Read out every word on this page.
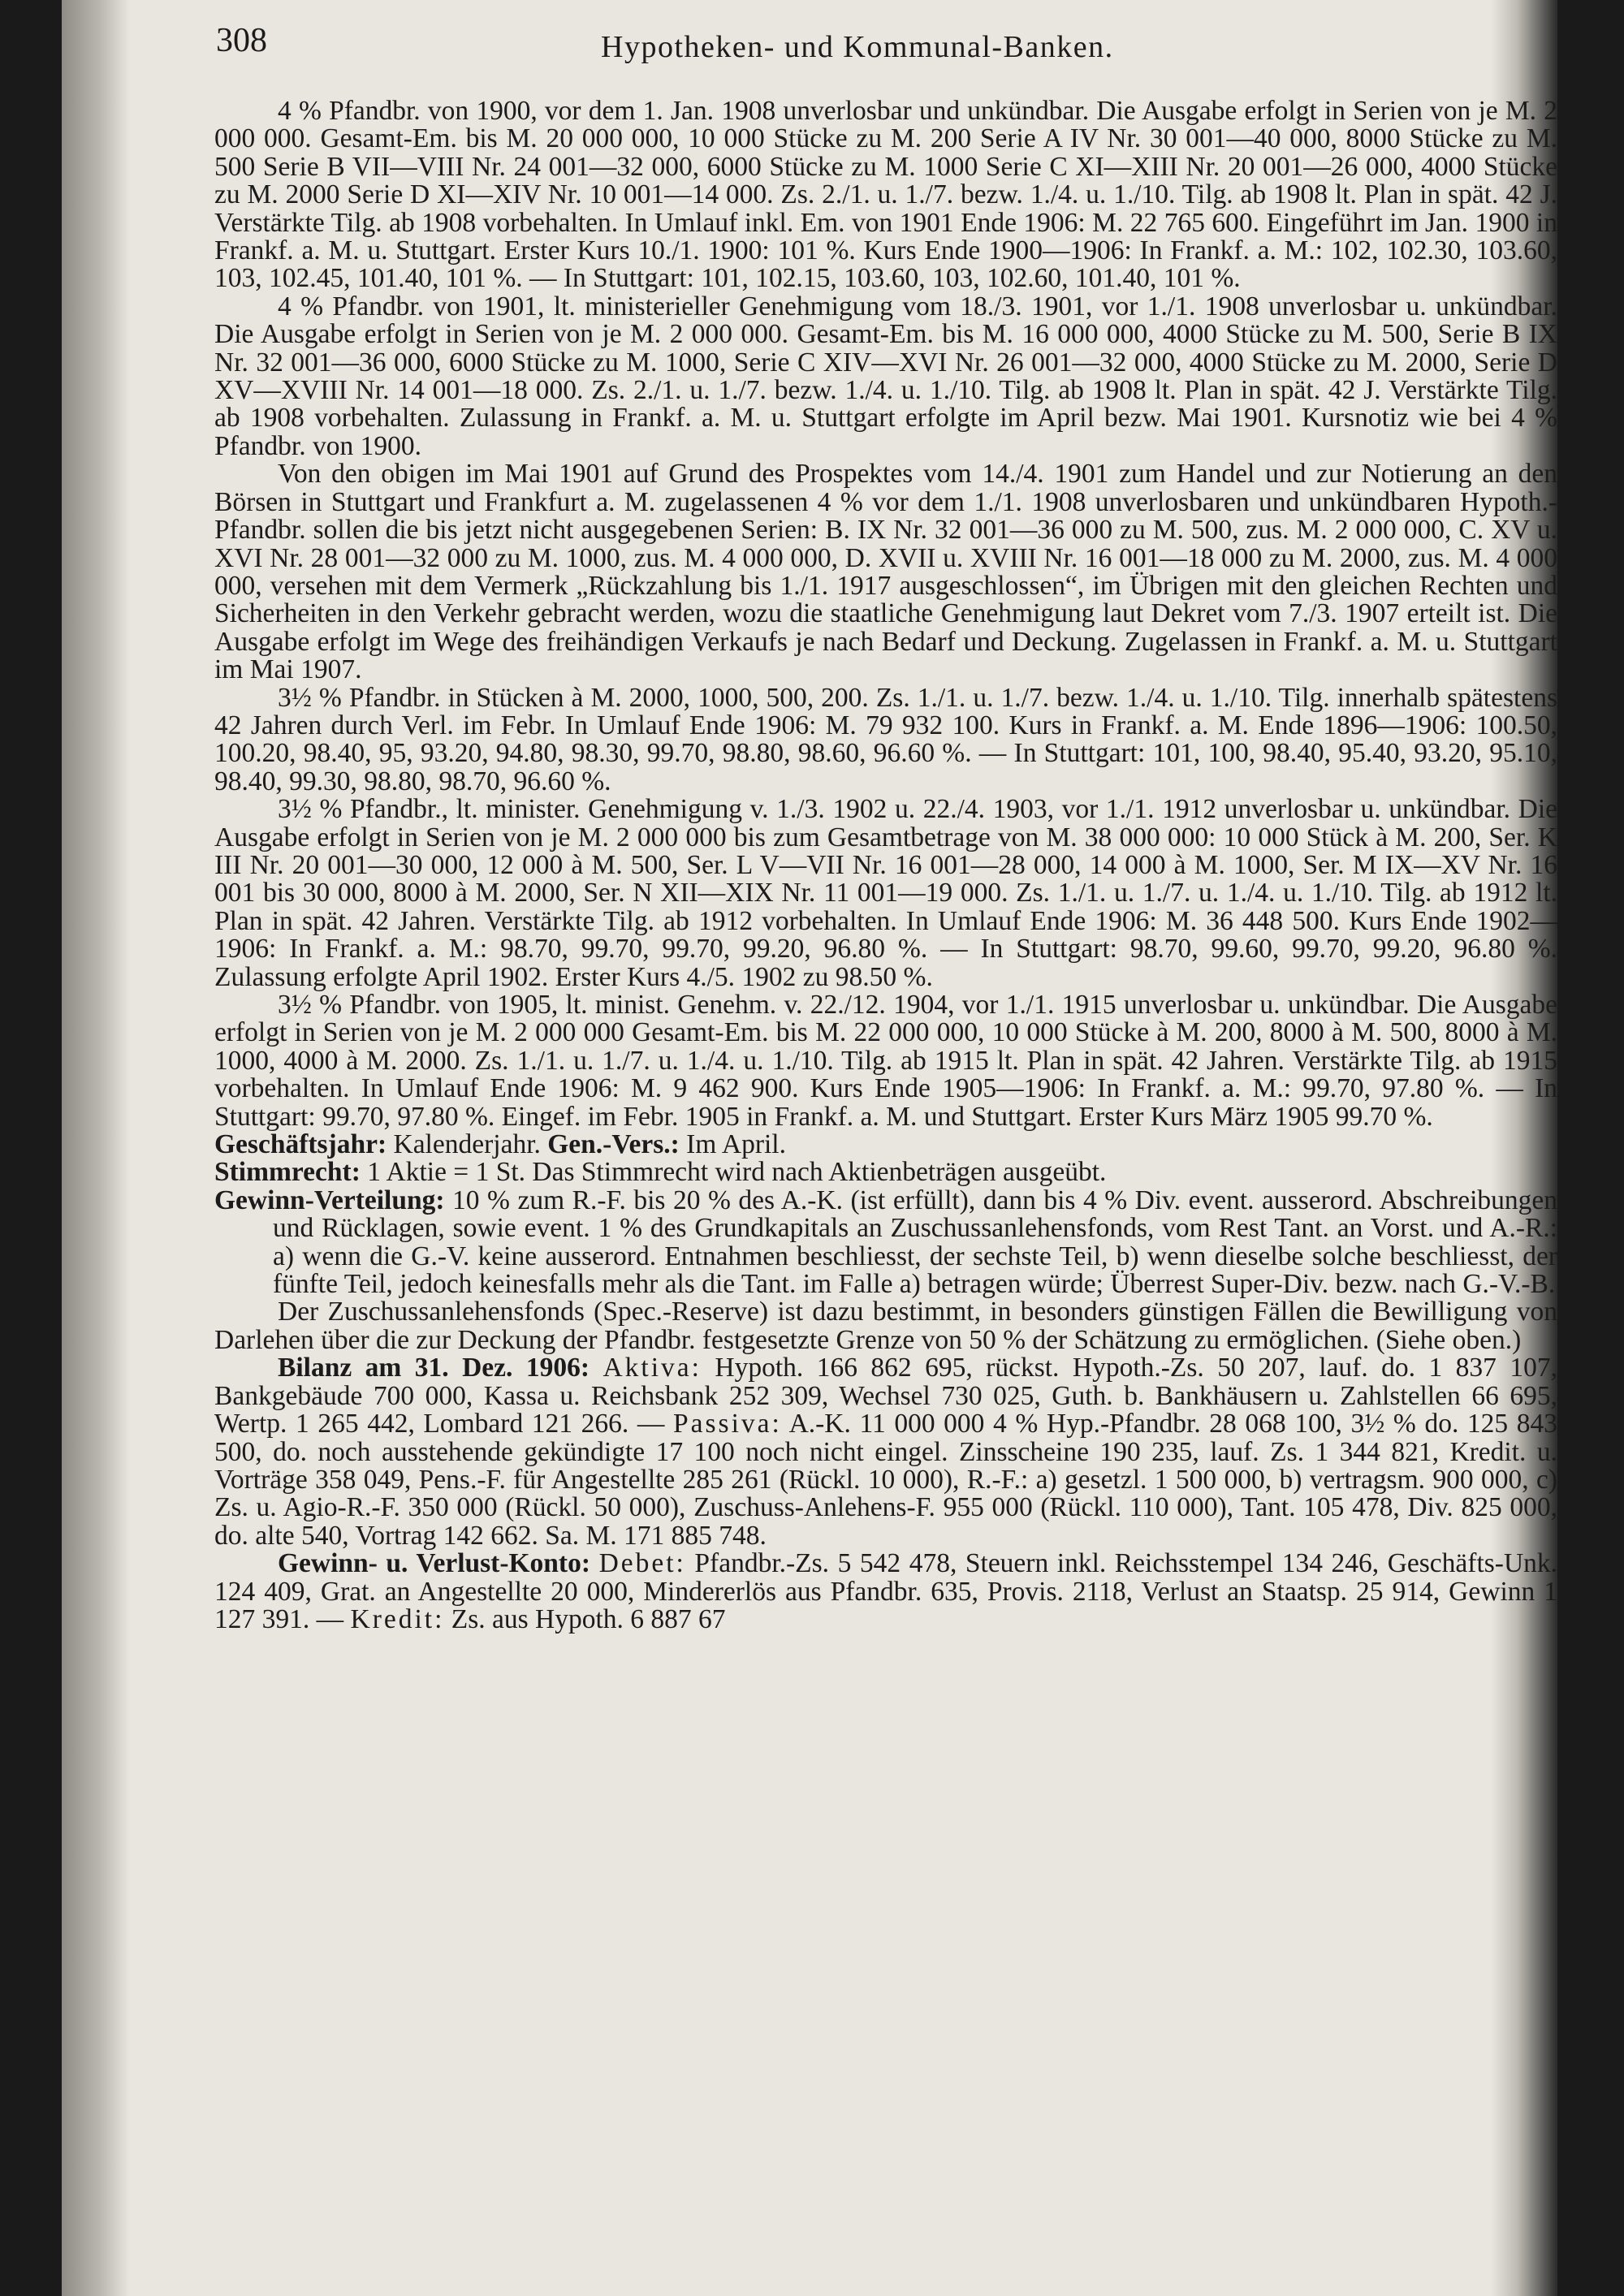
308	Hypotheken- und Kommunal-Banken.

4 % Pfandbr. von 1900, vor dem 1. Jan. 1908 unverlosbar und unkündbar. Die Ausgabe erfolgt in Serien von je M. 2 000 000. Gesamt-Em. bis M. 20 000 000, 10 000 Stücke zu M. 200 Serie A IV Nr. 30 001—40 000, 8000 Stücke zu M. 500 Serie B VII—VIII Nr. 24 001—32 000, 6000 Stücke zu M. 1000 Serie C XI—XIII Nr. 20 001—26 000, 4000 Stücke zu M. 2000 Serie D XI—XIV Nr. 10 001—14 000. Zs. 2./1. u. 1./7. bezw. 1./4. u. 1./10. Tilg. ab 1908 lt. Plan in spät. 42 J. Verstärkte Tilg. ab 1908 vorbehalten. In Umlauf inkl. Em. von 1901 Ende 1906: M. 22 765 600. Eingeführt im Jan. 1900 in Frankf. a. M. u. Stuttgart. Erster Kurs 10./1. 1900: 101 %. Kurs Ende 1900—1906: In Frankf. a. M.: 102, 102.30, 103.60, 103, 102.45, 101.40, 101 %. — In Stuttgart: 101, 102.15, 103.60, 103, 102.60, 101.40, 101 %.

4 % Pfandbr. von 1901, lt. ministerieller Genehmigung vom 18./3. 1901, vor 1./1. 1908 unverlosbar u. unkündbar. Die Ausgabe erfolgt in Serien von je M. 2 000 000. Gesamt-Em. bis M. 16 000 000, 4000 Stücke zu M. 500, Serie B IX Nr. 32 001—36 000, 6000 Stücke zu M. 1000, Serie C XIV—XVI Nr. 26 001—32 000, 4000 Stücke zu M. 2000, Serie D XV—XVIII Nr. 14 001—18 000. Zs. 2./1. u. 1./7. bezw. 1./4. u. 1./10. Tilg. ab 1908 lt. Plan in spät. 42 J. Verstärkte Tilg. ab 1908 vorbehalten. Zulassung in Frankf. a. M. u. Stuttgart erfolgte im April bezw. Mai 1901. Kursnotiz wie bei 4 % Pfandbr. von 1900.

Von den obigen im Mai 1901 auf Grund des Prospektes vom 14./4. 1901 zum Handel und zur Notierung an den Börsen in Stuttgart und Frankfurt a. M. zugelassenen 4 % vor dem 1./1. 1908 unverlosbaren und unkündbaren Hypoth.-Pfandbr. sollen die bis jetzt nicht ausgegebenen Serien: B. IX Nr. 32 001—36 000 zu M. 500, zus. M. 2 000 000, C. XV u. XVI Nr. 28 001—32 000 zu M. 1000, zus. M. 4 000 000, D. XVII u. XVIII Nr. 16 001—18 000 zu M. 2000, zus. M. 4 000 000, versehen mit dem Vermerk „Rückzahlung bis 1./1. 1917 ausgeschlossen“, im Übrigen mit den gleichen Rechten und Sicherheiten in den Verkehr gebracht werden, wozu die staatliche Genehmigung laut Dekret vom 7./3. 1907 erteilt ist. Die Ausgabe erfolgt im Wege des freihändigen Verkaufs je nach Bedarf und Deckung. Zugelassen in Frankf. a. M. u. Stuttgart im Mai 1907.

3½ % Pfandbr. in Stücken à M. 2000, 1000, 500, 200. Zs. 1./1. u. 1./7. bezw. 1./4. u. 1./10. Tilg. innerhalb spätestens 42 Jahren durch Verl. im Febr. In Umlauf Ende 1906: M. 79 932 100. Kurs in Frankf. a. M. Ende 1896—1906: 100.50, 100.20, 98.40, 95, 93.20, 94.80, 98.30, 99.70, 98.80, 98.60, 96.60 %. — In Stuttgart: 101, 100, 98.40, 95.40, 93.20, 95.10, 98.40, 99.30, 98.80, 98.70, 96.60 %.

3½ % Pfandbr., lt. minister. Genehmigung v. 1./3. 1902 u. 22./4. 1903, vor 1./1. 1912 unverlosbar u. unkündbar. Die Ausgabe erfolgt in Serien von je M. 2 000 000 bis zum Gesamtbetrage von M. 38 000 000: 10 000 Stück à M. 200, Ser. K III Nr. 20 001—30 000, 12 000 à M. 500, Ser. L V—VII Nr. 16 001—28 000, 14 000 à M. 1000, Ser. M IX—XV Nr. 16 001 bis 30 000, 8000 à M. 2000, Ser. N XII—XIX Nr. 11 001—19 000. Zs. 1./1. u. 1./7. u. 1./4. u. 1./10. Tilg. ab 1912 lt. Plan in spät. 42 Jahren. Verstärkte Tilg. ab 1912 vorbehalten. In Umlauf Ende 1906: M. 36 448 500. Kurs Ende 1902—1906: In Frankf. a. M.: 98.70, 99.70, 99.70, 99.20, 96.80 %. — In Stuttgart: 98.70, 99.60, 99.70, 99.20, 96.80 %. Zulassung erfolgte April 1902. Erster Kurs 4./5. 1902 zu 98.50 %.

3½ % Pfandbr. von 1905, lt. minist. Genehm. v. 22./12. 1904, vor 1./1. 1915 unverlosbar u. unkündbar. Die Ausgabe erfolgt in Serien von je M. 2 000 000 Gesamt-Em. bis M. 22 000 000, 10 000 Stücke à M. 200, 8000 à M. 500, 8000 à M. 1000, 4000 à M. 2000. Zs. 1./1. u. 1./7. u. 1./4. u. 1./10. Tilg. ab 1915 lt. Plan in spät. 42 Jahren. Verstärkte Tilg. ab 1915 vorbehalten. In Umlauf Ende 1906: M. 9 462 900. Kurs Ende 1905—1906: In Frankf. a. M.: 99.70, 97.80 %. — In Stuttgart: 99.70, 97.80 %. Eingef. im Febr. 1905 in Frankf. a. M. und Stuttgart. Erster Kurs März 1905 99.70 %.

Geschäftsjahr: Kalenderjahr. Gen.-Vers.: Im April.

Stimmrecht: 1 Aktie = 1 St. Das Stimmrecht wird nach Aktienbeträgen ausgeübt.

Gewinn-Verteilung: 10 % zum R.-F. bis 20 % des A.-K. (ist erfüllt), dann bis 4 % Div. event. ausserord. Abschreibungen und Rücklagen, sowie event. 1 % des Grundkapitals an Zuschussanlehensfonds, vom Rest Tant. an Vorst. und A.-R.: a) wenn die G.-V. keine ausserord. Entnahmen beschliesst, der sechste Teil, b) wenn dieselbe solche beschliesst, der fünfte Teil, jedoch keinesfalls mehr als die Tant. im Falle a) betragen würde; Überrest Super-Div. bezw. nach G.-V.-B.

Der Zuschussanlehensfonds (Spec.-Reserve) ist dazu bestimmt, in besonders günstigen Fällen die Bewilligung von Darlehen über die zur Deckung der Pfandbr. festgesetzte Grenze von 50 % der Schätzung zu ermöglichen. (Siehe oben.)

Bilanz am 31. Dez. 1906: Aktiva: Hypoth. 166 862 695, rückst. Hypoth.-Zs. 50 207, lauf. do. 1 837 107, Bankgebäude 700 000, Kassa u. Reichsbank 252 309, Wechsel 730 025, Guth. b. Bankhäusern u. Zahlstellen 66 695, Wertp. 1 265 442, Lombard 121 266. — Passiva: A.-K. 11 000 000 4 % Hyp.-Pfandbr. 28 068 100, 3½ % do. 125 843 500, do. noch ausstehende gekündigte 17 100 noch nicht eingel. Zinsscheine 190 235, lauf. Zs. 1 344 821, Kredit. u. Vorträge 358 049, Pens.-F. für Angestellte 285 261 (Rückl. 10 000), R.-F.: a) gesetzl. 1 500 000, b) vertragsm. 900 000, c) Zs. u. Agio-R.-F. 350 000 (Rückl. 50 000), Zuschuss-Anlehens-F. 955 000 (Rückl. 110 000), Tant. 105 478, Div. 825 000, do. alte 540, Vortrag 142 662. Sa. M. 171 885 748.

Gewinn- u. Verlust-Konto: Debet: Pfandbr.-Zs. 5 542 478, Steuern inkl. Reichsstempel 134 246, Geschäfts-Unk. 124 409, Grat. an Angestellte 20 000, Mindererlös aus Pfandbr. 635, Provis. 2118, Verlust an Staatsp. 25 914, Gewinn 1 127 391. — Kredit: Zs. aus Hypoth. 6 887 67
